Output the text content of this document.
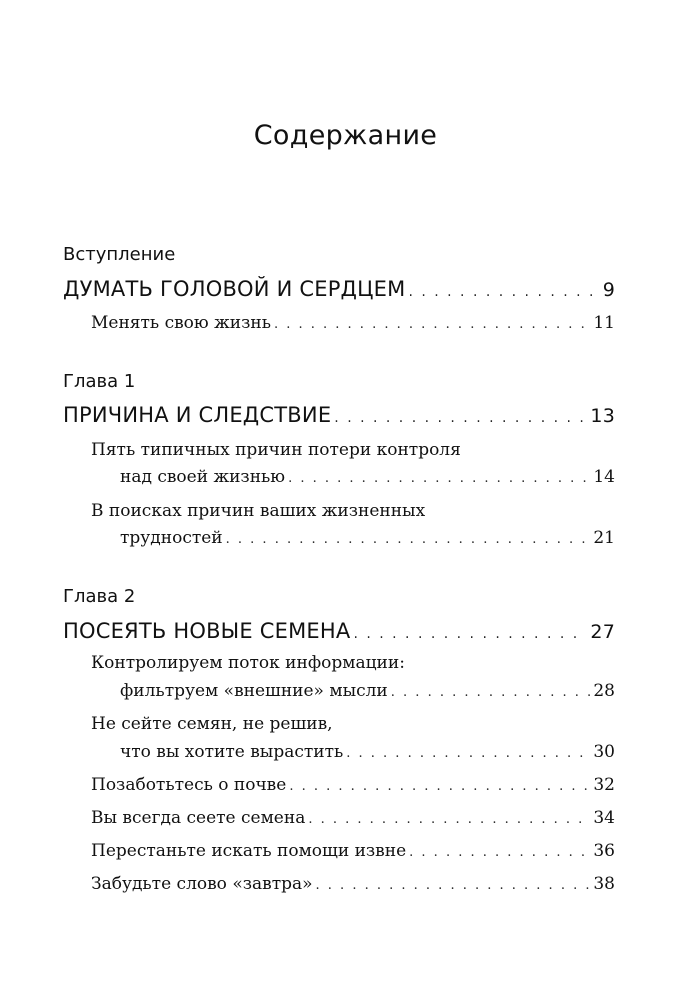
Содержание
Вступление
ДУМАТЬ ГОЛОВОЙ И СЕРДЦЕМ . . .	9
Менять свою жизнь . . .	11
Глава 1
ПРИЧИНА И СЛЕДСТВИЕ . . .	13
Пять типичных причин потери контроля
над своей жизнью . . .	14
В поисках причин ваших жизненных
трудностей . . .	21
Глава 2
ПОСЕЯТЬ НОВЫЕ СЕМЕНА . . .	27
Контролируем поток информации:
фильтруем «внешние» мысли . . .	28
Не сейте семян, не решив,
что вы хотите вырастить . . .	30
Позаботьтесь о почве . . .	32
Вы всегда сеете семена . . .	34
Перестаньте искать помощи извне . . .	36
Забудьте слово «завтра» . . .	38
